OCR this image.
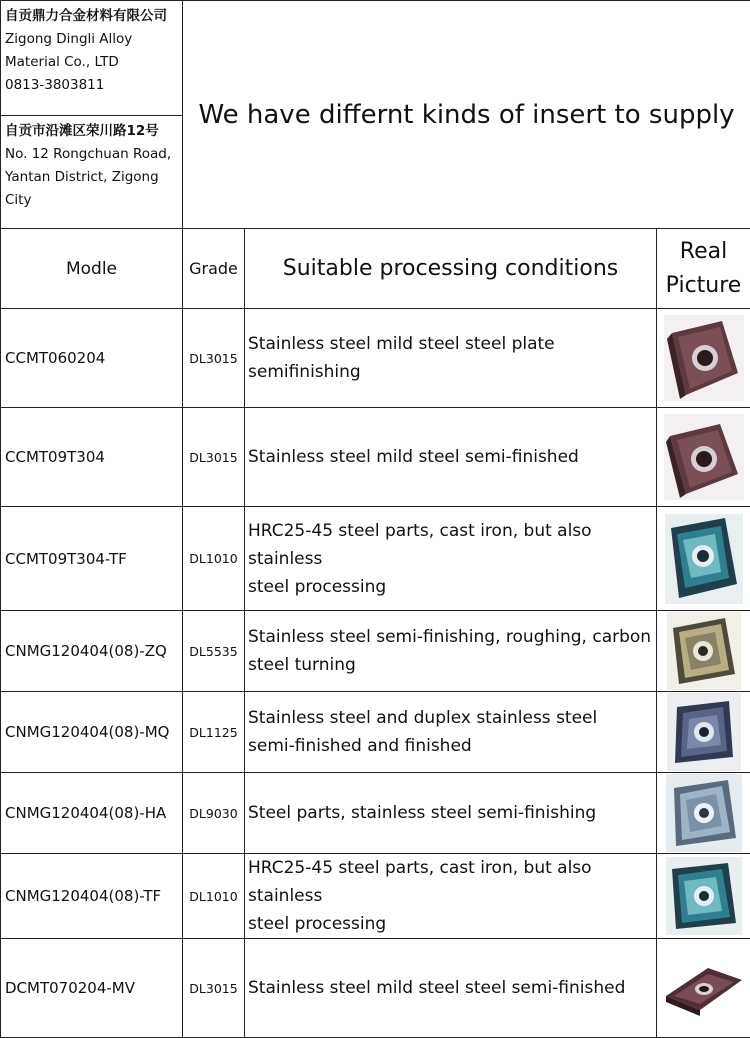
自贡鼎力合金材料有限公司
Zigong Dingli Alloy
Material Co., LTD
0813-3803811	We have differnt kinds of insert to supply		

自贡市沿滩区荣川路12号
No. 12 Rongchuan Road,
Yantan District, Zigong
City			

Modle	Grade	Suitable processing conditions	Real
Picture

CCMT060204	DL3015	Stainless steel mild steel steel plate semifinishing	

CCMT09T304	DL3015	Stainless steel mild steel semi-finished	

CCMT09T304-TF	DL1010	HRC25-45 steel parts, cast iron, but also stainless
steel processing

CNMG120404(08)-ZQ	DL5535	Stainless steel semi-finishing, roughing, carbon
steel turning

CNMG120404(08)-MQ	DL1125	Stainless steel and duplex stainless steel
semi-finished and finished

CNMG120404(08)-HA	DL9030	Steel parts, stainless steel semi-finishing	

CNMG120404(08)-TF	DL1010	HRC25-45 steel parts, cast iron, but also stainless
steel processing

DCMT070204-MV	DL3015	Stainless steel mild steel steel semi-finished	
